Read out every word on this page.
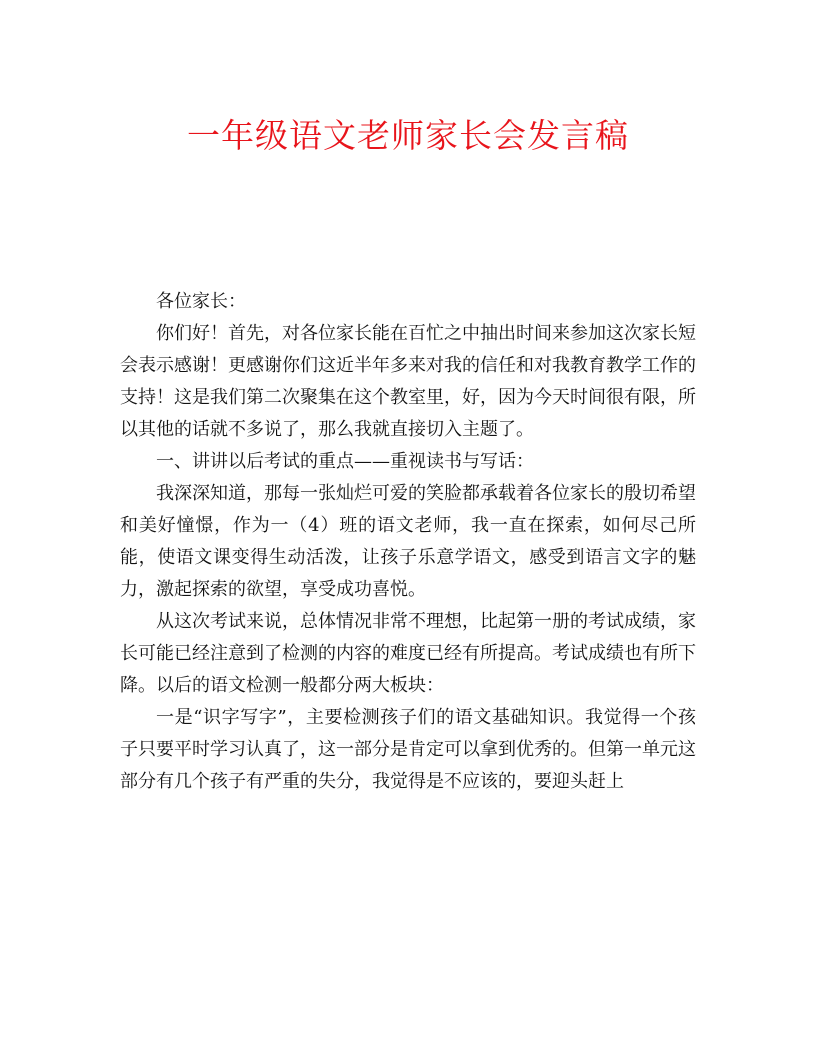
一年级语文老师家长会发言稿

各位家长：

你们好！首先，对各位家长能在百忙之中抽出时间来参加这次家长短会表示感谢！更感谢你们这近半年多来对我的信任和对我教育教学工作的支持！这是我们第二次聚集在这个教室里，好，因为今天时间很有限，所以其他的话就不多说了，那么我就直接切入主题了。

一、讲讲以后考试的重点——重视读书与写话：

我深深知道，那每一张灿烂可爱的笑脸都承载着各位家长的殷切希望和美好憧憬，作为一（4）班的语文老师，我一直在探索，如何尽己所能，使语文课变得生动活泼，让孩子乐意学语文，感受到语言文字的魅力，激起探索的欲望，享受成功喜悦。

从这次考试来说，总体情况非常不理想，比起第一册的考试成绩，家长可能已经注意到了检测的内容的难度已经有所提高。考试成绩也有所下降。以后的语文检测一般都分两大板块：

一是“识字写字”，主要检测孩子们的语文基础知识。我觉得一个孩子只要平时学习认真了，这一部分是肯定可以拿到优秀的。但第一单元这部分有几个孩子有严重的失分，我觉得是不应该的，要迎头赶上
